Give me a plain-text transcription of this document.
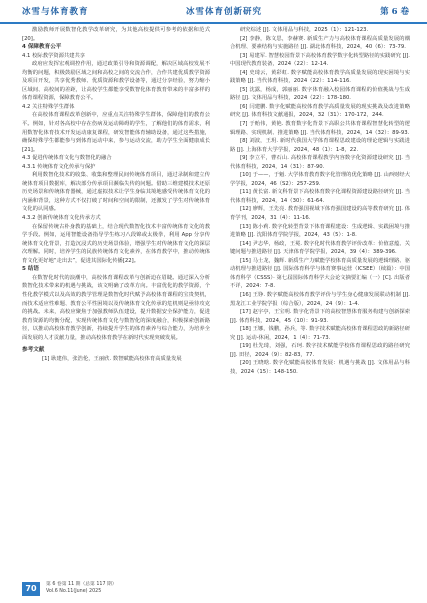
冰雪与体育教育	冰雪体育创新研究	第 6 卷

激励教师开展数智化教学改革研究，为其他高校提供可参考的依据和范式[20]。

4 保障教育公平

4.1 校际教学资源共建共享

政府应发挥宏观调控作用，通过政策引导和资源调配，解决区域高校发展不均衡的问题，积极鼓励区域之间和高校之间的交流合作，合作共建优质教学资源及项目开发，共享优秀教师、优质资源和教学设备等，通过分享经验，努力缩小区域间、高校间的差距，让高校学生都能享受数智化体育教育带来的丰富多样的体育课程资源，保障教育公平。

4.2 关注特殊学生群体

在高校体育课程改革创新中，应重点关注特殊学生群体，保障他们的教育公平。例如，针对各高校中存在伤病及运动障碍的学生，了解他们的体育需求，利用数智化体育技术开发运动康复课程，研发智能体育辅助设备，通过这些措施，确保特殊学生都能参与到体育运动中来，参与运动交流，助力学生全面健康成长[21]。

4.3 促进传统体育文化与数智化的融合

4.3.1 传统体育文化传承与保护

利用数智化技术的收集、收集和整理民间传统体育项目，通过录制和建立传统体育项目数据库，解决部分传承项目濒临失传的问题。借助三维建模技术还原历史场景和传统体育器械，通过虚拟技术让学生身临其境地感受传统体育文化的内涵和背景，这种方式不仅打破了时间和空间的限制，还激发了学生对传统体育文化的认同感。

4.3.2 创新传统体育文化传承方式

在保留传统古朴身教的基础上，结合现代数智化技术丰富传统体育文化的教学手段。例如，运用智能设备指导学生练习八段锦或太极拳，利用 App 分享传统体育文化背景，打造沉浸式的历史场景体验，增强学生对传统体育文化的深层次理解。同时，培养学生的民族传统体育文化素养，在体育教学中，推动传统体育文化更好地“走出去”，促进其国际化传播[22]。

5 结语

在数智化时代的浪潮中，高校体育课程改革与创新迫在眉睫。通过深入分析数智化技术带来的机遇与挑战，该文明确了改革方向。丰富优化的教学资源，个性化教学模式以及高效的教学管理是数智化时代赋予高校体育课程的宝贵契机，而技术适应性难题、教育公平性困境以及传统体育文化传承的危机则是亟待攻克的挑战。未来，高校应聚焦于加强教师队伍建设，提升数据安全保护能力，促进教育资源的均衡分配，实现传统体育文化与数智化的深度融合，积极探索创新路径，以推动高校体育教学创新，持续提升学生的体育素养与综合能力，为培养全面发展的人才贡献力量，推动高校体育教学在新时代实现突破发展。

参考文献

[1] 耿建伟，张浩伦，王丽欣. 数智赋能高校体育高质量发展

研究综述 [J]. 文体用品与科技，2025（1）：121-123.

[2] 李静，陈文思，李赫赛. 新质生产力与高校体育课程高质量发展的耦合机理、要素结构与实施路径 [J]. 湖北体育科技，2024，40（6）：73-79.

[3] 易建军. 智慧校园背景下高校体育教学数字化转型路径的实践研究 [J]. 中国现代教育装备，2024（22）：12-14.

[4] 史琦云，黄彩虹. 数字赋能高校体育教学高质量发展的现实困境与实践策略 [J]. 当代体育科技，2024（22）：114-116.

[5] 沈露，杨成，郭丽丽. 数字体育融入校园体育课程的价值挑战与生成路径 [J]. 文体用品与科技，2024（22）：178-180.

[6] 闫建鹏. 数字化赋能高校体育教学高质量发展的现实挑战及改进策略研究 [J]. 体育科技文献通报，2024，32（31）：170-172，244.

[7] 于贻伟，黄艳. 教育数字化背景下高职公共体育课程智慧化转型的逻辑理路、实现机制、推进策略 [J]. 当代体育科技，2024，14（32）：89-93.

[8] 刘波，王玥. 新时代我国大学体育课程思政建设的理论逻辑与实践进路 [J]. 上海体育大学学报，2024，48（1）：1-8，22.

[9] 李立平，曹石山. 高校体育课程教学内容数字化资源建设研究 [J]. 当代体育科技，2024，14（31）：87-90.

[10] 于——，于魁. 大学体育教育数字化管理的优化策略 [J]. 山西财经大学学报，2024，46（S2）：257-259.

[11] 黄长富. 新文科背景下高校体育数字化课程资源建设路径研究 [J]. 当代体育科技，2024，14（30）：61-64.

[12] 廖辉，王先亮. 教育强国视域下体育强国建设的高等教育研究 [J]. 体育学刊，2024，31（4）：11-16.

[13] 陈小莉. 数字化转型背景下体育课程建设：生成逻辑、实践困境与推进策略 [J]. 沈阳体育学院学报，2024，43（5）：1-8.

[14] 尹志华，杨政，王冕. 数字化时代体育教学评价改革：价值意蕴、关键问题与推进路径 [J]. 天津体育学院学报，2024，39（4）：389-396.

[15] 马士龙，魏辉. 新质生产力赋能学校体育高质量发展的逻辑理路、驱动机理与推进路径 [J]. 国际体育科学与体育赛事运营（ICSEE）（续篇）：中国体育科学（CSSS）· 第七届国际体育科学大会论文摘要汇编（一）[C]. 出版者不详，2024：7-8.

[16] 王铮. 数字赋能高校体育教学评价与学生身心健康发展联动机制 [J]. 黑龙江工业学院学报（综合版），2024，24（9）：1-4.

[17] 赵宇亭，王宝明. 数字化背景下的高校智慧体育服务构建与创新探索 [J]. 体育科技，2024，45（10）：91-93.

[18] 王娜，钱鹏，孙兵，等. 数字技术赋能高校体育课程思政的新路径研究 [J]. 运动-休闲，2024，1（4）：71-73.

[19] 杜先琦，刘强，石珂. 数字技术赋能学校体育课程思政的路径研究 [J]. 田径，2024（9）：82-83，77.

[20] 王晓晗. 数字化赋能高校体育发展：机遇与挑战 [J]. 文体用品与科技，2024（15）：148-150.

70	第 6 卷第 11 期（总第 117 期）
Vol.6 No.11(June) 2025
